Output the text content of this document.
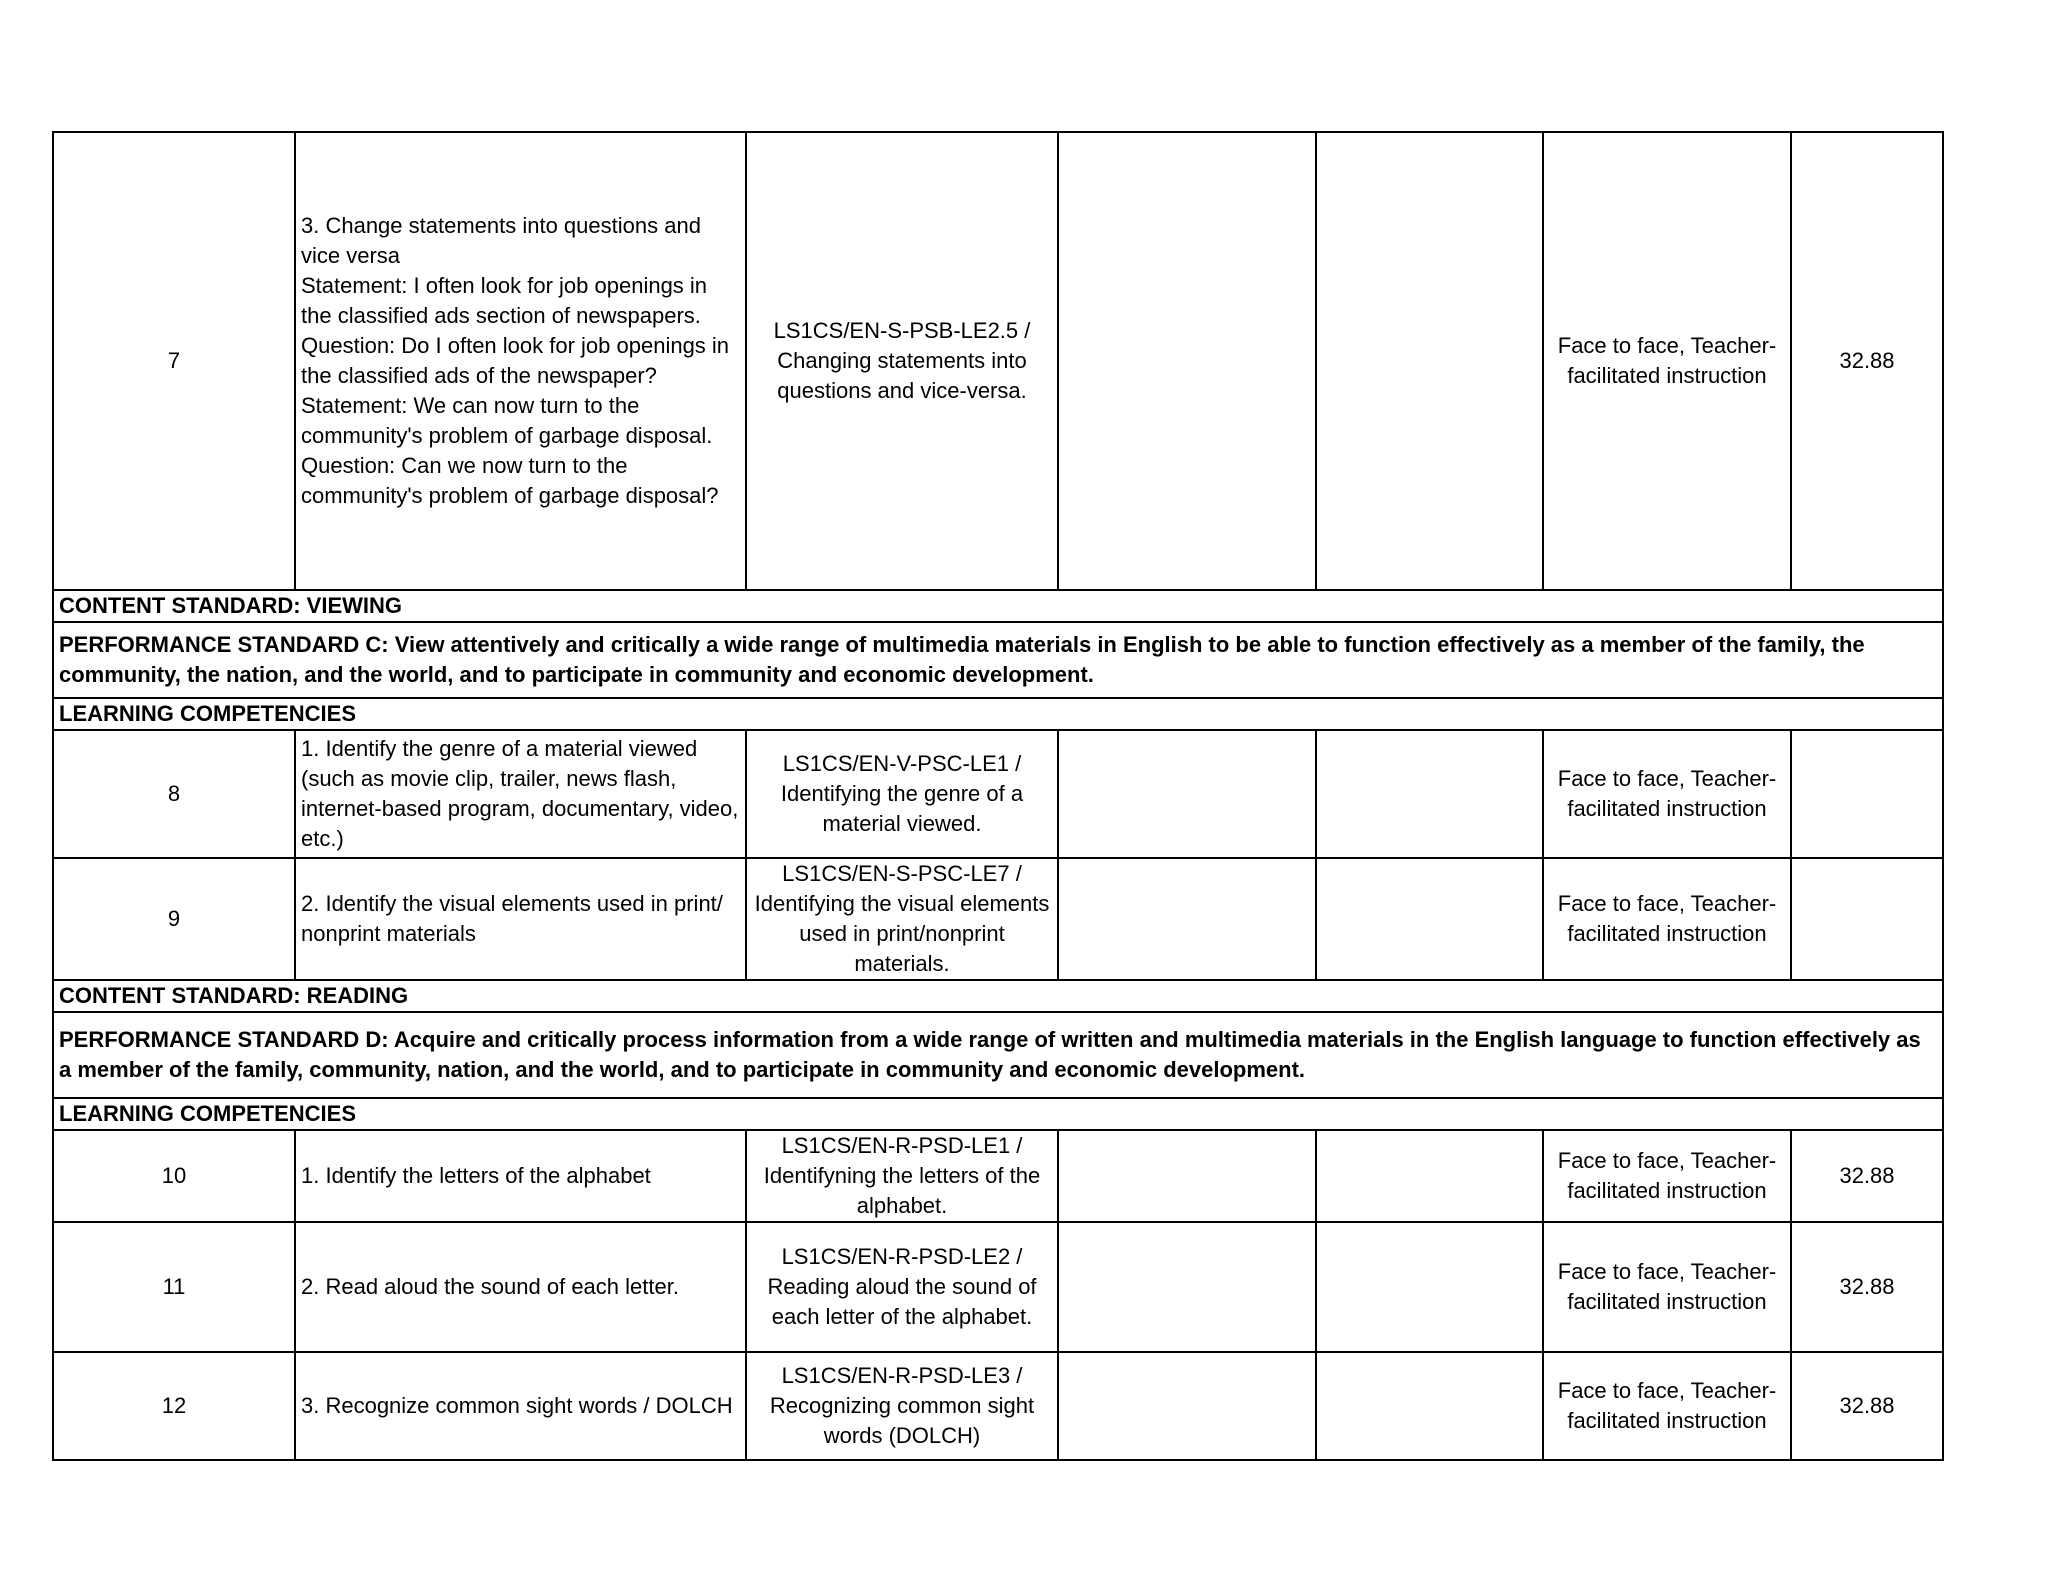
7	3. Change statements into questions and vice versa
Statement: I often look for job openings in the classified ads section of newspapers.
Question: Do I often look for job openings in the classified ads of the newspaper?
Statement: We can now turn to the community's problem of garbage disposal.
Question: Can we now turn to the community's problem of garbage disposal?	LS1CS/EN-S-PSB-LE2.5 /
Changing statements into questions and vice-versa.			Face to face, Teacher-facilitated instruction	32.88
CONTENT STANDARD: VIEWING						
PERFORMANCE STANDARD C: View attentively and critically a wide range of multimedia materials in English to be able to function effectively as a member of the family, the community, the nation, and the world, and to participate in community and economic development.						
LEARNING COMPETENCIES						
8	1. Identify the genre of a material viewed (such as movie clip, trailer, news flash, internet-based program, documentary, video, etc.)	LS1CS/EN-V-PSC-LE1 /
Identifying the genre of a material viewed.			Face to face, Teacher-facilitated instruction	
9	2. Identify the visual elements used in print/ nonprint materials	LS1CS/EN-S-PSC-LE7 /
Identifying the visual elements used in print/nonprint materials.			Face to face, Teacher-facilitated instruction	
CONTENT STANDARD: READING						
PERFORMANCE STANDARD D: Acquire and critically process information from a wide range of written and multimedia materials in the English language to function effectively as a member of the family, community, nation, and the world, and to participate in community and economic development.						
LEARNING COMPETENCIES						
10	1. Identify the letters of the alphabet	LS1CS/EN-R-PSD-LE1 /
Identifyning the letters of the alphabet.			Face to face, Teacher-facilitated instruction	32.88
11	2. Read aloud the sound of each letter.	LS1CS/EN-R-PSD-LE2 /
Reading aloud the sound of each letter of the alphabet.			Face to face, Teacher-facilitated instruction	32.88
12	3. Recognize common sight words / DOLCH	LS1CS/EN-R-PSD-LE3 /
Recognizing common sight words (DOLCH)			Face to face, Teacher-facilitated instruction	32.88
